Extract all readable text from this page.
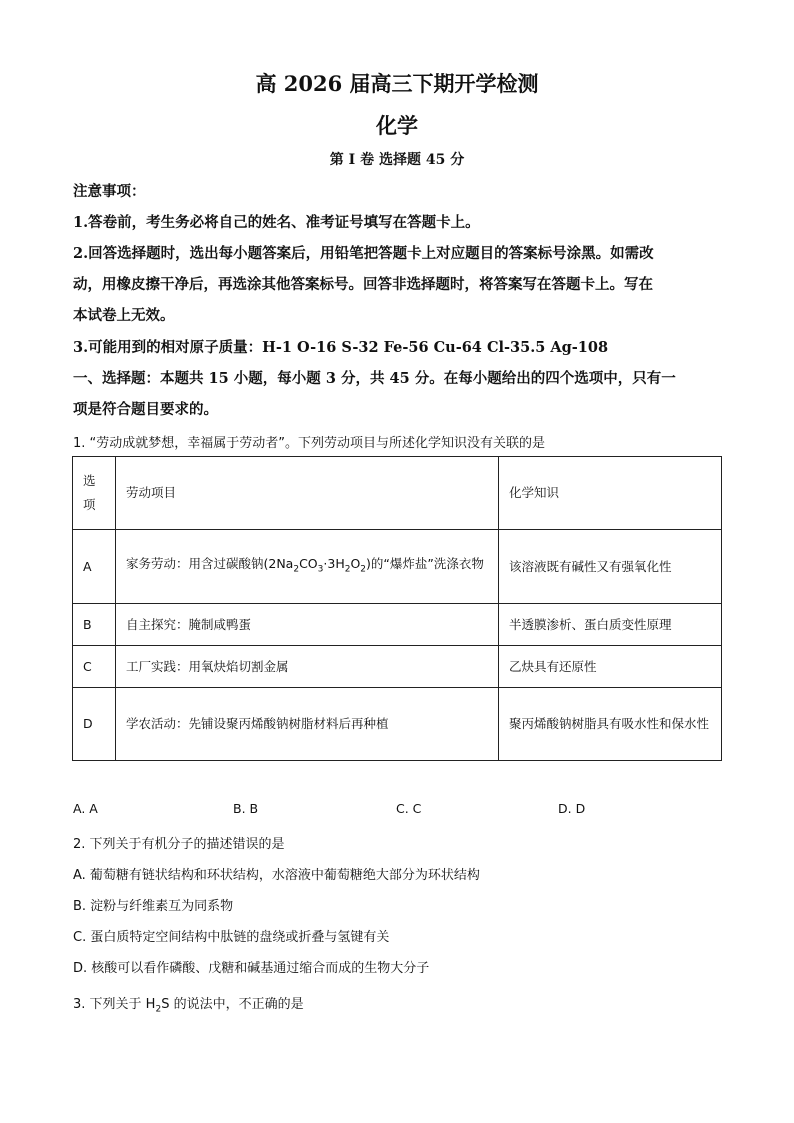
高 2026 届高三下期开学检测
化学
第 I 卷 选择题 45 分
注意事项：
1.答卷前，考生务必将自己的姓名、准考证号填写在答题卡上。
2.回答选择题时，选出每小题答案后，用铅笔把答题卡上对应题目的答案标号涂黑。如需改
动，用橡皮擦干净后，再选涂其他答案标号。回答非选择题时，将答案写在答题卡上。写在
本试卷上无效。
3.可能用到的相对原子质量：H-1 O-16 S-32 Fe-56 Cu-64 Cl-35.5 Ag-108
一、选择题：本题共 15 小题，每小题 3 分，共 45 分。在每小题给出的四个选项中，只有一
项是符合题目要求的。
1. “劳动成就梦想，幸福属于劳动者”。下列劳动项目与所述化学知识没有关联的是
选项	劳动项目	化学知识
A	家务劳动：用含过碳酸钠$(2Na_2CO_3\cdot 3H_2O_2)$的“爆炸盐”洗涤衣物	该溶液既有碱性又有强氧化性
B	自主探究：腌制咸鸭蛋	半透膜渗析、蛋白质变性原理
C	工厂实践：用氧炔焰切割金属	乙炔具有还原性
D	学农活动：先铺设聚丙烯酸钠树脂材料后再种植	聚丙烯酸钠树脂具有吸水性和保水性
A. A	B. B	C. C	D. D
2. 下列关于有机分子的描述错误的是
A. 葡萄糖有链状结构和环状结构，水溶液中葡萄糖绝大部分为环状结构
B. 淀粉与纤维素互为同系物
C. 蛋白质特定空间结构中肽链的盘绕或折叠与氢键有关
D. 核酸可以看作磷酸、戊糖和碱基通过缩合而成的生物大分子
3. 下列关于 $H_2S$ 的说法中，不正确的是
